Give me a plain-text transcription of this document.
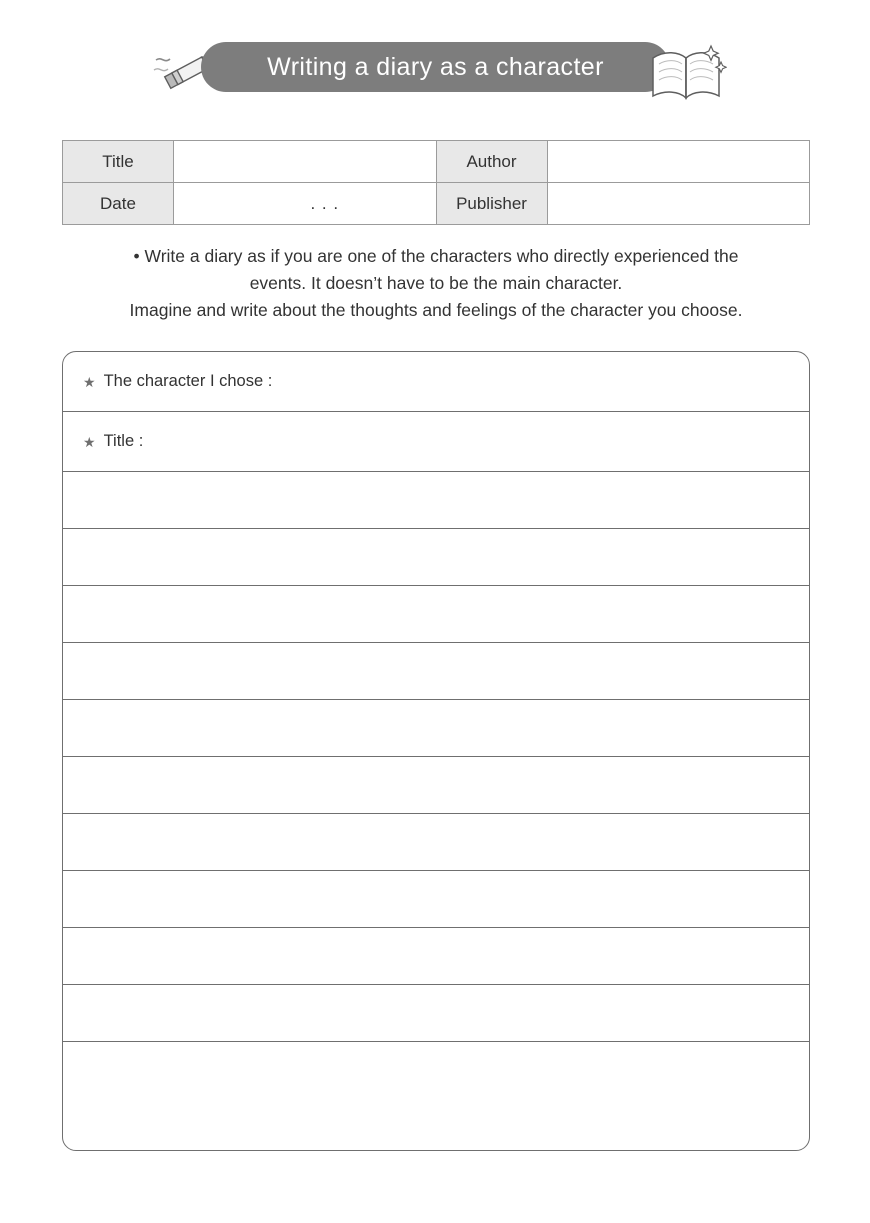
Writing a diary as a character
Title		Author	
Date	. . .	Publisher	

• Write a diary as if you are one of the characters who directly experienced the

events. It doesn’t have to be the main character.

Imagine and write about the thoughts and feelings of the character you choose.

★ The character I chose :
★ Title :
